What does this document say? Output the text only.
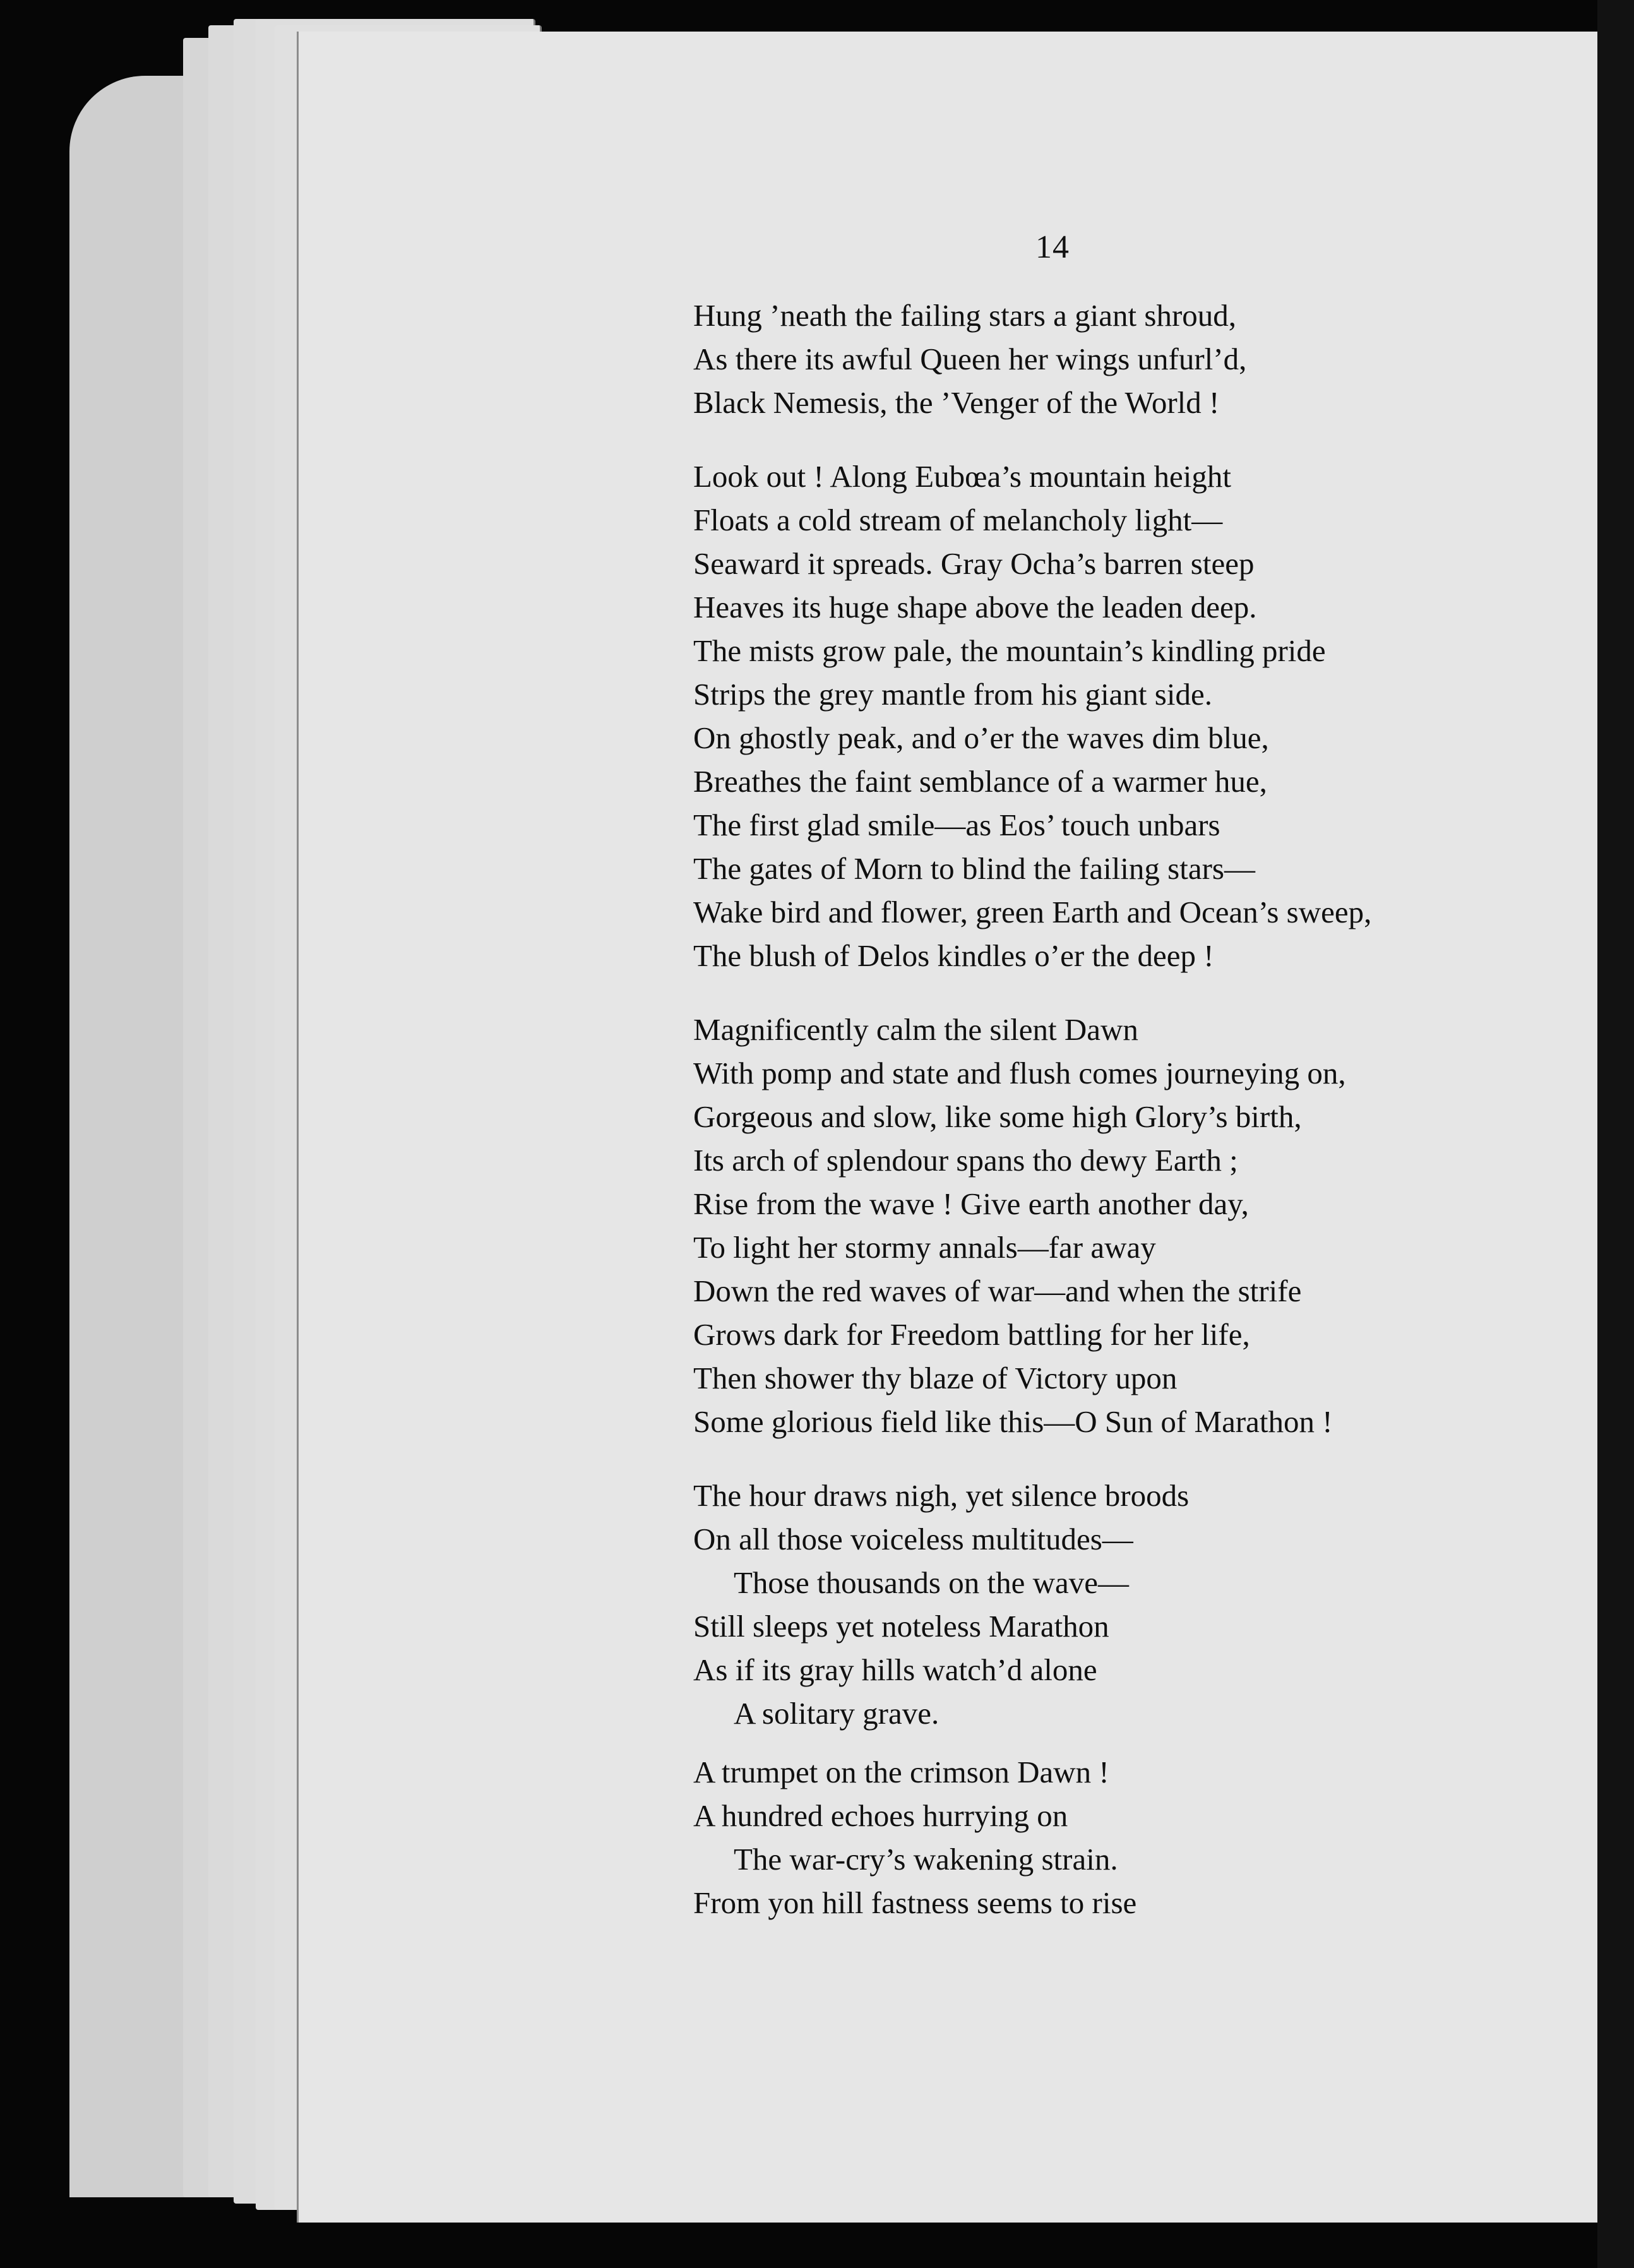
14
Hung ’neath the failing stars a giant shroud,
As there its awful Queen her wings unfurl’d,
Black Nemesis, the ’Venger of the World !
Look out ! Along Eubœa’s mountain height
Floats a cold stream of melancholy light—
Seaward it spreads. Gray Ocha’s barren steep
Heaves its huge shape above the leaden deep.
The mists grow pale, the mountain’s kindling pride
Strips the grey mantle from his giant side.
On ghostly peak, and o’er the waves dim blue,
Breathes the faint semblance of a warmer hue,
The first glad smile—as Eos’ touch unbars
The gates of Morn to blind the failing stars—
Wake bird and flower, green Earth and Ocean’s sweep,
The blush of Delos kindles o’er the deep !
Magnificently calm the silent Dawn
With pomp and state and flush comes journeying on,
Gorgeous and slow, like some high Glory’s birth,
Its arch of splendour spans tho dewy Earth ;
Rise from the wave ! Give earth another day,
To light her stormy annals—far away
Down the red waves of war—and when the strife
Grows dark for Freedom battling for her life,
Then shower thy blaze of Victory upon
Some glorious field like this—O Sun of Marathon !
The hour draws nigh, yet silence broods
On all those voiceless multitudes—
Those thousands on the wave—
Still sleeps yet noteless Marathon
As if its gray hills watch’d alone
A solitary grave.
A trumpet on the crimson Dawn !
A hundred echoes hurrying on
The war-cry’s wakening strain.
From yon hill fastness seems to rise
